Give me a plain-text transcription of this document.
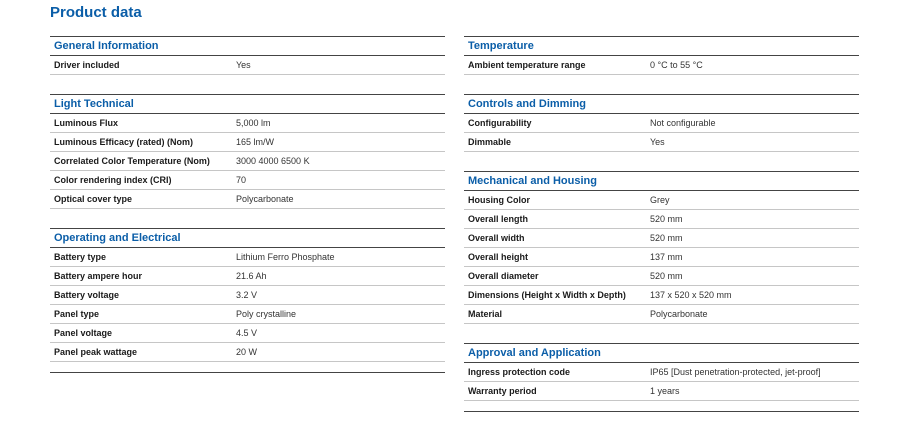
Product data
General Information
Driver included	Yes
Light Technical
Luminous Flux	5,000 lm
Luminous Efficacy (rated) (Nom)	165 lm/W
Correlated Color Temperature (Nom)	3000 4000 6500 K
Color rendering index (CRI)	70
Optical cover type	Polycarbonate
Operating and Electrical
Battery type	Lithium Ferro Phosphate
Battery ampere hour	21.6 Ah
Battery voltage	3.2 V
Panel type	Poly crystalline
Panel voltage	4.5 V
Panel peak wattage	20 W
Temperature
Ambient temperature range	0 °C to 55 °C
Controls and Dimming
Configurability	Not configurable
Dimmable	Yes
Mechanical and Housing
Housing Color	Grey
Overall length	520 mm
Overall width	520 mm
Overall height	137 mm
Overall diameter	520 mm
Dimensions (Height x Width x Depth)	137 x 520 x 520 mm
Material	Polycarbonate
Approval and Application
Ingress protection code	IP65 [Dust penetration-protected, jet-proof]
Warranty period	1 years
